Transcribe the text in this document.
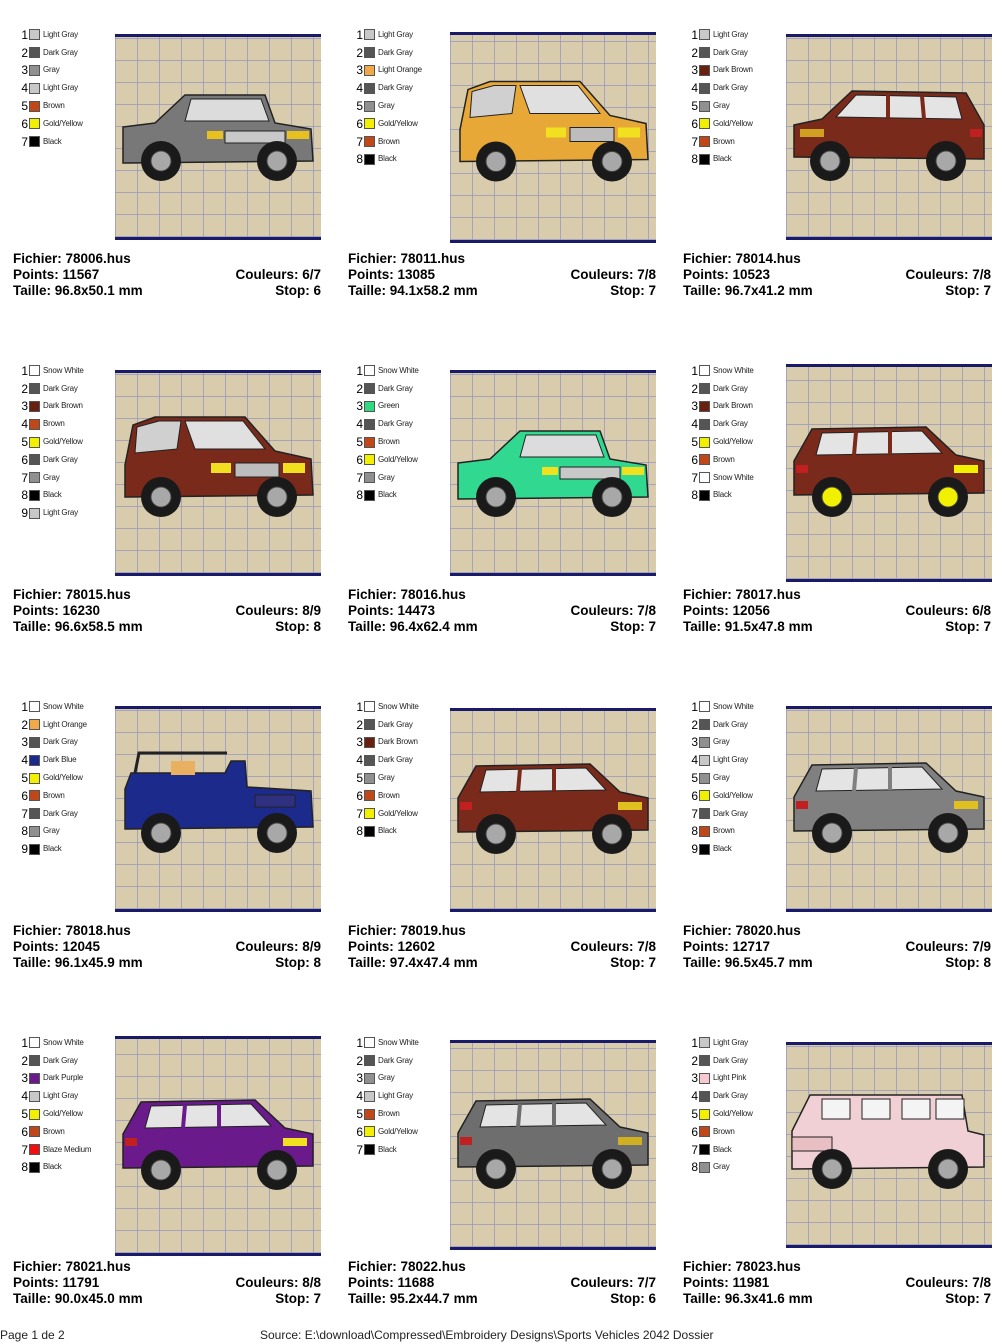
1 Light Gray
2 Dark Gray
3 Gray
4 Light Gray
5 Brown
6 Gold/Yellow
7 Black
Fichier: 78006.hus
Points: 11567	Couleurs: 6/7
Taille: 96.8x50.1 mm	Stop: 6
1 Light Gray
2 Dark Gray
3 Light Orange
4 Dark Gray
5 Gray
6 Gold/Yellow
7 Brown
8 Black
Fichier: 78011.hus
Points: 13085	Couleurs: 7/8
Taille: 94.1x58.2 mm	Stop: 7
1 Light Gray
2 Dark Gray
3 Dark Brown
4 Dark Gray
5 Gray
6 Gold/Yellow
7 Brown
8 Black
Fichier: 78014.hus
Points: 10523	Couleurs: 7/8
Taille: 96.7x41.2 mm	Stop: 7
1 Snow White
2 Dark Gray
3 Dark Brown
4 Brown
5 Gold/Yellow
6 Dark Gray
7 Gray
8 Black
9 Light Gray
Fichier: 78015.hus
Points: 16230	Couleurs: 8/9
Taille: 96.6x58.5 mm	Stop: 8
1 Snow White
2 Dark Gray
3 Green
4 Dark Gray
5 Brown
6 Gold/Yellow
7 Gray
8 Black
Fichier: 78016.hus
Points: 14473	Couleurs: 7/8
Taille: 96.4x62.4 mm	Stop: 7
1 Snow White
2 Dark Gray
3 Dark Brown
4 Dark Gray
5 Gold/Yellow
6 Brown
7 Snow White
8 Black
Fichier: 78017.hus
Points: 12056	Couleurs: 6/8
Taille: 91.5x47.8 mm	Stop: 7
1 Snow White
2 Light Orange
3 Dark Gray
4 Dark Blue
5 Gold/Yellow
6 Brown
7 Dark Gray
8 Gray
9 Black
Fichier: 78018.hus
Points: 12045	Couleurs: 8/9
Taille: 96.1x45.9 mm	Stop: 8
1 Snow White
2 Dark Gray
3 Dark Brown
4 Dark Gray
5 Gray
6 Brown
7 Gold/Yellow
8 Black
Fichier: 78019.hus
Points: 12602	Couleurs: 7/8
Taille: 97.4x47.4 mm	Stop: 7
1 Snow White
2 Dark Gray
3 Gray
4 Light Gray
5 Gray
6 Gold/Yellow
7 Dark Gray
8 Brown
9 Black
Fichier: 78020.hus
Points: 12717	Couleurs: 7/9
Taille: 96.5x45.7 mm	Stop: 8
1 Snow White
2 Dark Gray
3 Dark Purple
4 Light Gray
5 Gold/Yellow
6 Brown
7 Blaze Medium
8 Black
Fichier: 78021.hus
Points: 11791	Couleurs: 8/8
Taille: 90.0x45.0 mm	Stop: 7
1 Snow White
2 Dark Gray
3 Gray
4 Light Gray
5 Brown
6 Gold/Yellow
7 Black
Fichier: 78022.hus
Points: 11688	Couleurs: 7/7
Taille: 95.2x44.7 mm	Stop: 6
1 Light Gray
2 Dark Gray
3 Light Pink
4 Dark Gray
5 Gold/Yellow
6 Brown
7 Black
8 Gray
Fichier: 78023.hus
Points: 11981	Couleurs: 7/8
Taille: 96.3x41.6 mm	Stop: 7
Page 1 de 2	Source: E:\download\Compressed\Embroidery Designs\Sports Vehicles 2042 Dossier
